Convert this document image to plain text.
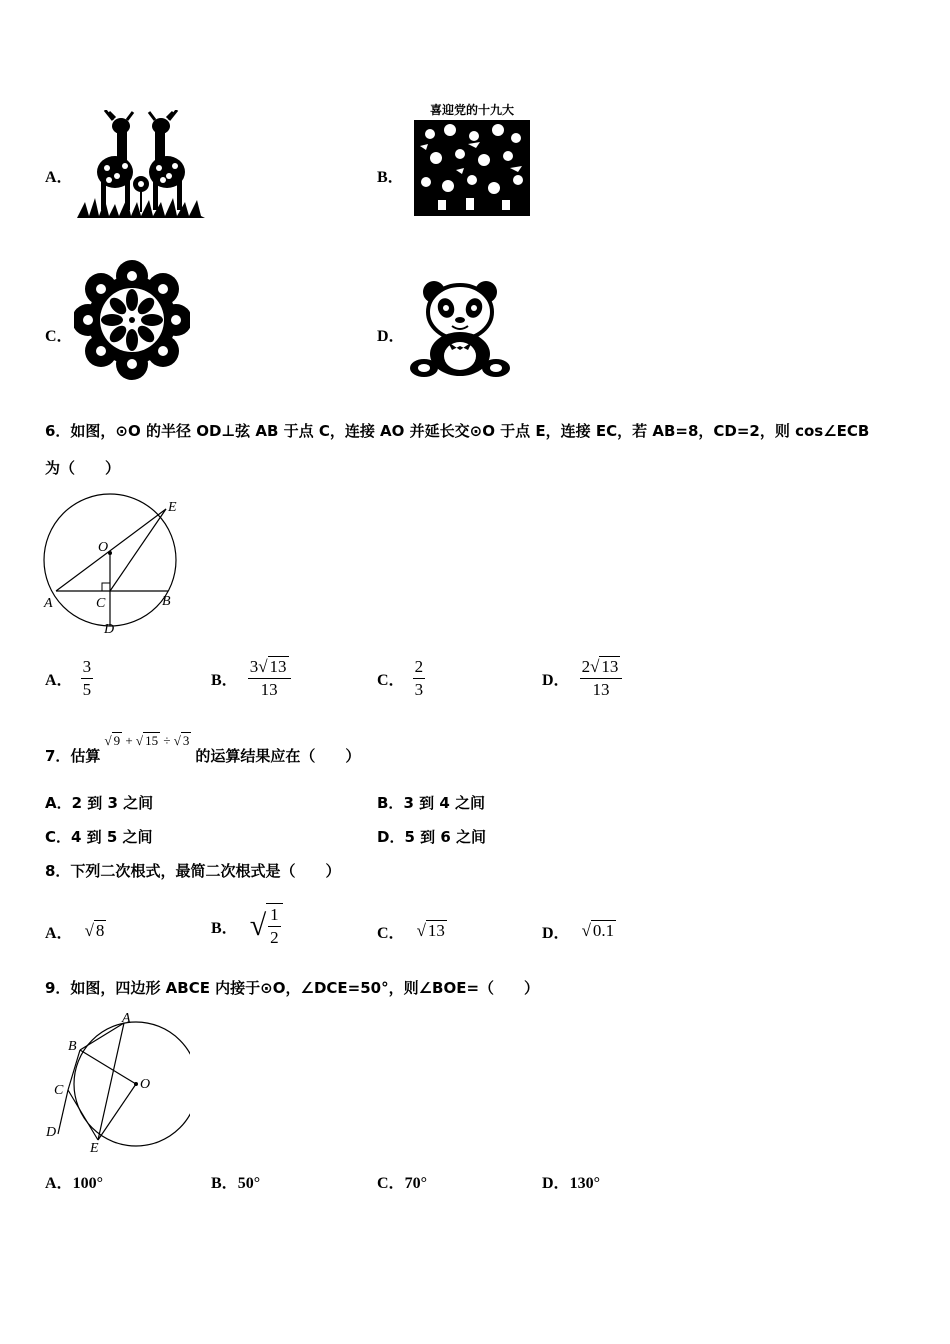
A．	B．
喜迎党的十九大
C．	D．
6．如图，⊙O 的半径 OD⊥弦 AB 于点 C，连接 AO 并延长交⊙O 于点 E，连接 EC，若 AB=8，CD=2，则 cos∠ECB
为（　　）
E
O
A	C	B
D
A． $\frac{3}{5}$	B． $\frac{3√ 13}{13}$	C． $\frac{2}{3}$	D． $\frac{2√ 13}{13}$
7．估算
√ 9 + √ 15 ÷ √ 3
的运算结果应在（　　）
A．2 到 3 之间	B．3 到 4 之间
C．4 到 5 之间	D．5 到 6 之间
8．下列二次根式，最简二次根式是（　　）
A． √ 8	B． √ $\frac{1}{2}$	C． √ 13	D． √ 0.1
9．如图，四边形 ABCE 内接于⊙O，∠DCE=50°，则∠BOE=（　　）
A
B
C	O
D
E
A．100°	B．50°	C．70°	D．130°
